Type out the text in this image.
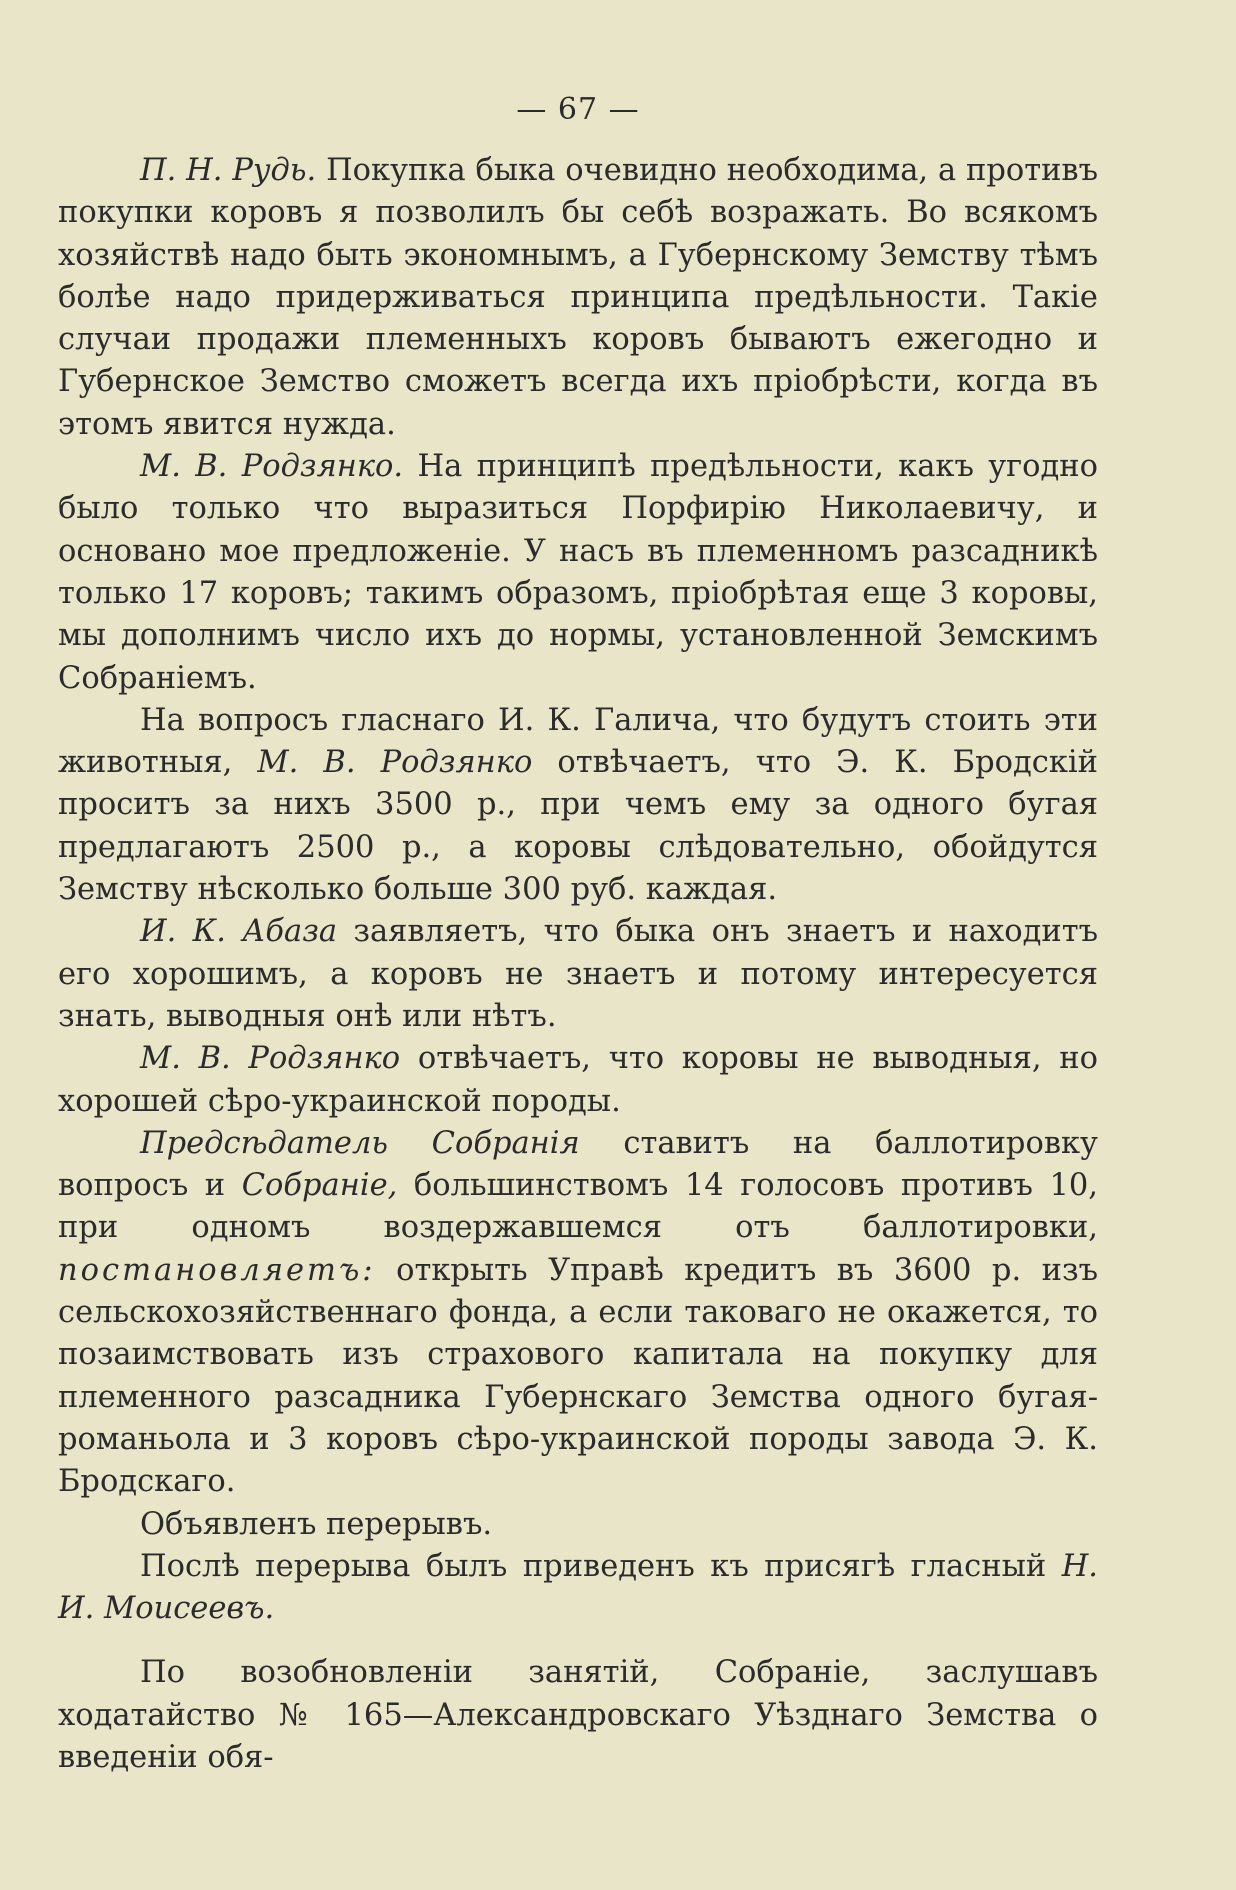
— 67 —

П. Н. Рудь. Покупка быка очевидно необходима, а противъ покупки коровъ я позволилъ бы себѣ возражать. Во всякомъ хозяйствѣ надо быть экономнымъ, а Губернскому Земству тѣмъ болѣе надо придерживаться принципа предѣльности. Такіе случаи продажи племенныхъ коровъ бываютъ ежегодно и Губернское Земство сможетъ всегда ихъ пріобрѣсти, когда въ этомъ явится нужда.

М. В. Родзянко. На принципѣ предѣльности, какъ угодно было только что выразиться Порфирію Николаевичу, и основано мое предложеніе. У насъ въ племенномъ разсадникѣ только 17 коровъ; такимъ образомъ, пріобрѣтая еще 3 коровы, мы дополнимъ число ихъ до нормы, установленной Земскимъ Собраніемъ.

На вопросъ гласнаго И. К. Галича, что будутъ стоить эти животныя, М. В. Родзянко отвѣчаетъ, что Э. К. Бродскій проситъ за нихъ 3500 р., при чемъ ему за одного бугая предлагаютъ 2500 р., а коровы слѣдовательно, обойдутся Земству нѣсколько больше 300 руб. каждая.

И. К. Абаза заявляетъ, что быка онъ знаетъ и находитъ его хорошимъ, а коровъ не знаетъ и потому интересуется знать, выводныя онѣ или нѣтъ.

М. В. Родзянко отвѣчаетъ, что коровы не выводныя, но хорошей сѣро-украинской породы.

Предсѣдатель Собранія ставитъ на баллотировку вопросъ и Собраніе, большинствомъ 14 голосовъ противъ 10, при одномъ воздержавшемся отъ баллотировки, постановляетъ: открыть Управѣ кредитъ въ 3600 р. изъ сельскохозяйственнаго фонда, а если таковаго не окажется, то позаимствовать изъ страхового капитала на покупку для племенного разсадника Губернскаго Земства одного бугая-романьола и 3 коровъ сѣро-украинской породы завода Э. К. Бродскаго.

Объявленъ перерывъ.

Послѣ перерыва былъ приведенъ къ присягѣ гласный Н. И. Моисеевъ.

По возобновленіи занятій, Собраніе, заслушавъ ходатайство № 165—Александровскаго Уѣзднаго Земства о введеніи обя-
